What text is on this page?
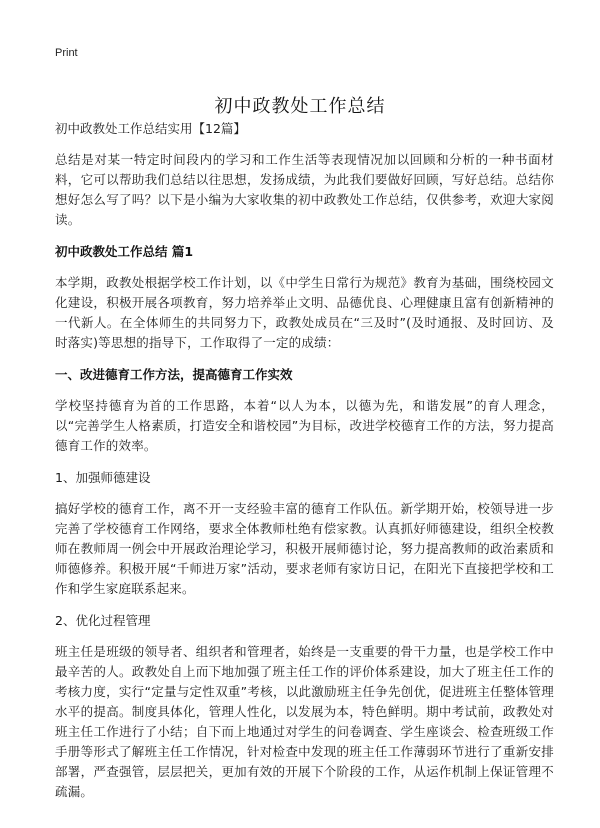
Print
初中政教处工作总结
初中政教处工作总结实用【12篇】

总结是对某一特定时间段内的学习和工作生活等表现情况加以回顾和分析的一种书面材料，它可以帮助我们总结以往思想，发扬成绩，为此我们要做好回顾，写好总结。总结你想好怎么写了吗？以下是小编为大家收集的初中政教处工作总结，仅供参考，欢迎大家阅读。

初中政教处工作总结 篇1

本学期，政教处根据学校工作计划，以《中学生日常行为规范》教育为基础，围绕校园文化建设，积极开展各项教育，努力培养举止文明、品德优良、心理健康且富有创新精神的一代新人。在全体师生的共同努力下，政教处成员在“三及时”(及时通报、及时回访、及时落实)等思想的指导下，工作取得了一定的成绩：

一、改进德育工作方法，提高德育工作实效

学校坚持德育为首的工作思路，本着“以人为本，以德为先，和谐发展”的育人理念，以“完善学生人格素质，打造安全和谐校园”为目标，改进学校德育工作的方法，努力提高德育工作的效率。

1、加强师德建设

搞好学校的德育工作，离不开一支经验丰富的德育工作队伍。新学期开始，校领导进一步完善了学校德育工作网络，要求全体教师杜绝有偿家教。认真抓好师德建设，组织全校教师在教师周一例会中开展政治理论学习，积极开展师德讨论，努力提高教师的政治素质和师德修养。积极开展“千师进万家”活动，要求老师有家访日记，在阳光下直接把学校和工作和学生家庭联系起来。

2、优化过程管理

班主任是班级的领导者、组织者和管理者，始终是一支重要的骨干力量，也是学校工作中最辛苦的人。政教处自上而下地加强了班主任工作的评价体系建设，加大了班主任工作的考核力度，实行“定量与定性双重”考核，以此激励班主任争先创优，促进班主任整体管理水平的提高。制度具体化，管理人性化，以发展为本，特色鲜明。期中考试前，政教处对班主任工作进行了小结；自下而上地通过对学生的问卷调查、学生座谈会、检查班级工作手册等形式了解班主任工作情况，针对检查中发现的班主任工作薄弱环节进行了重新安排部署，严查强管，层层把关，更加有效的开展下个阶段的工作，从运作机制上保证管理不疏漏。
